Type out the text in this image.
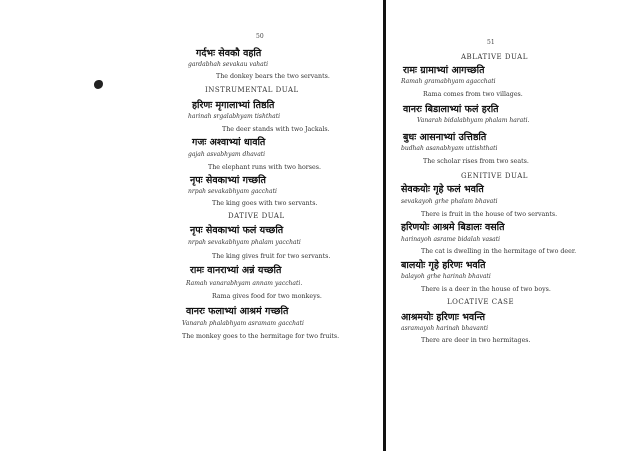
50
गर्दभः सेवकौ वहति
gardabhah sevakau vahati
The donkey bears the two servants.
INSTRUMENTAL DUAL
हरिणः मृगालाभ्यां तिष्ठति
harinah srgalabhyam tishthati
The deer stands with two Jackals.
गजः अश्वाभ्यां धावति
gajah asvabhyam dhavati
The elephant runs with two horses.
नृपः सेवकाभ्यां गच्छति
nrpah sevakabhyam gacchati
The king goes with two servants.
DATIVE DUAL
नृपः सेवकाभ्यां फलं यच्छति
nrpah sevakabhyam phalam yacchati
The king gives fruit for two servants.
रामः वानराभ्यां अन्नं यच्छति
Ramah vanarabhyam annam yacchati.
Rama gives food for two monkeys.
वानरः फलाभ्यां आश्रमं गच्छति
Vanarah phalabhyam asramam gacchati
The monkey goes to the hermitage for two fruits.
51
ABLATIVE DUAL
रामः ग्रामाभ्यां आगच्छति
Ramah gramabhyam agacchati
Rama comes from two villages.
वानरः बिडालाभ्यां फलं हरति
Vanarah bidalabhyam phalam harati.
बुधः आसनाभ्यां उत्तिष्ठति
budhah asanabhyam uttishthati
The scholar rises from two seats.
GENITIVE DUAL
सेवकयोः गृहे फलं भवति
sevakayoh grhe phalam bhavati
There is fruit in the house of two servants.
हरिणयोः आश्रमे बिडालः वसति
harinayoh asrame bidalah vasati
The cat is dwelling in the hermitage of two deer.
बालयोः गृहे हरिणः भवति
balayoh grhe harinah bhavati
There is a deer in the house of two boys.
LOCATIVE CASE
आश्रमयोः हरिणाः भवन्ति
asramayoh harinah bhavanti
There are deer in two hermitages.
